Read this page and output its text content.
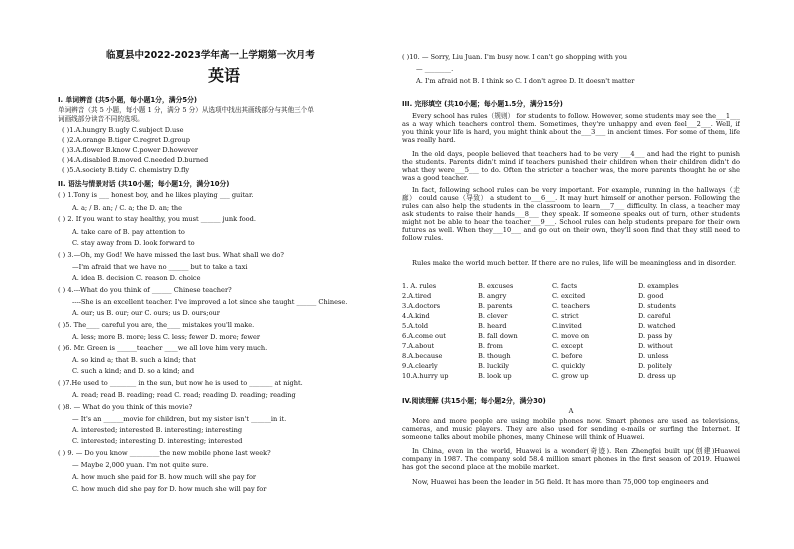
临夏县中2022-2023学年高一上学期第一次月考
英语
I. 单词辨音 (共5小题，每小题1分，满分5分)
单词辨音（共 5 小题，每小题 1 分，满分 5 分）从选项中找出其画线部分与其他三个单
词画线部分读音不同的选项。
( )1.A.hungry B.ugly C.subject D.use
( )2.A.orange B.tiger C.regret D.group
( )3.A.flower B.know C.power D.however
( )4.A.disabled B.moved C.needed D.burned
( )5.A.society B.tidy C. chemistry D.fly
II. 语法与情景对话 (共10小题；每小题1分，满分10分)
( ) 1.Tony is ___ honest boy, and he likes playing ___ guitar.
A. a; / B. an; / C. a; the D. an; the
( ) 2. If you want to stay healthy, you must ______ junk food.
A. take care of B. pay attention to
C. stay away from D. look forward to
( ) 3.—Oh, my God! We have missed the last bus. What shall we do?
—I'm afraid that we have no ______ but to take a taxi
A. idea B. decision C. reason D. choice
( ) 4.---What do you think of ______ Chinese teacher?
----She is an excellent teacher. I've improved a lot since she taught ______ Chinese.
A. our; us B. our; our C. ours; us D. ours;our
( )5. The____ careful you are, the____ mistakes you'll make.
A. less; more B. more; less C. less; fewer D. more; fewer
( )6. Mr. Green is ______teacher ____we all love him very much.
A. so kind a; that B. such a kind; that
C. such a kind; and D. so a kind; and
( )7.He used to ________ in the sun, but now he is used to _______ at night.
A. read; read B. reading; read C. read; reading D. reading; reading
( )8. — What do you think of this movie?
— It's an ______movie for children, but my sister isn't ______in it.
A. interested; interested B. interesting; interesting
C. interested; interesting D. interesting; interested
( ) 9. — Do you know _________the new mobile phone last week?
— Maybe 2,000 yuan. I'm not quite sure.
A. how much she paid for B. how much will she pay for
C. how much did she pay for D. how much she will pay for
( )10. — Sorry, Liu Juan. I'm busy now. I can't go shopping with you
— ________.
A. I'm afraid not B. I think so C. I don't agree D. It doesn't matter
III. 完形填空 (共10小题；每小题1.5分，满分15分)
Every school has rules（规则） for students to follow. However, some students may see the___1___ as a way which teachers control them. Sometimes, they're unhappy and even feel___2___. Well, if you think your life is hard, you might think about the___3___ in ancient times. For some of them, life was really hard.
In the old days, people believed that teachers had to be very ___4___ and had the right to punish the students. Parents didn't mind if teachers punished their children when their children didn't do what they were___5___ to do. Often the stricter a teacher was, the more parents thought he or she was a good teacher.
In fact, following school rules can be very important. For example, running in the hallways（走廊） could cause（导致） a student to___6___. It may hurt himself or another person. Following the rules can also help the students in the classroom to learn___7___ difficulty. In class, a teacher may ask students to raise their hands___8___ they speak. If someone speaks out of turn, other students might not be able to hear the teacher___9___. School rules can help students prepare for their own futures as well. When they___10___ and go out on their own, they'll soon find that they still need to follow rules.
Rules make the world much better. If there are no rules, life will be meaningless and in disorder.
1. A. rules	B. excuses	C. facts	D. examples
2.A.tired	B. angry	C. excited	D. good
3.A.doctors	B. parents	C. teachers	D. students
4.A.kind	B. clever	C. strict	D. careful
5.A.told	B. heard	C.invited	D. watched
6.A.come out	B. fall down	C. move on	D. pass by
7.A.about	B. from	C. except	D. without
8.A.because	B. though	C. before	D. unless
9.A.clearly	B. luckily	C. quickly	D. politely
10.A.hurry up	B. look up	C. grow up	D. dress up
IV.阅读理解 (共15小题；每小题2分，满分30)
A
More and more people are using mobile phones now. Smart phones are used as televisions, cameras, and music players. They are also used for sending e-mails or surfing the Internet. If someone talks about mobile phones, many Chinese will think of Huawei.
In China, even in the world, Huawei is a wonder(奇迹). Ren Zhengfei built up(创建)Huawei company in 1987. The company sold 58.4 million smart phones in the first season of 2019. Huawei has got the second place at the mobile market.
Now, Huawei has been the leader in 5G field. It has more than 75,000 top engineers and
